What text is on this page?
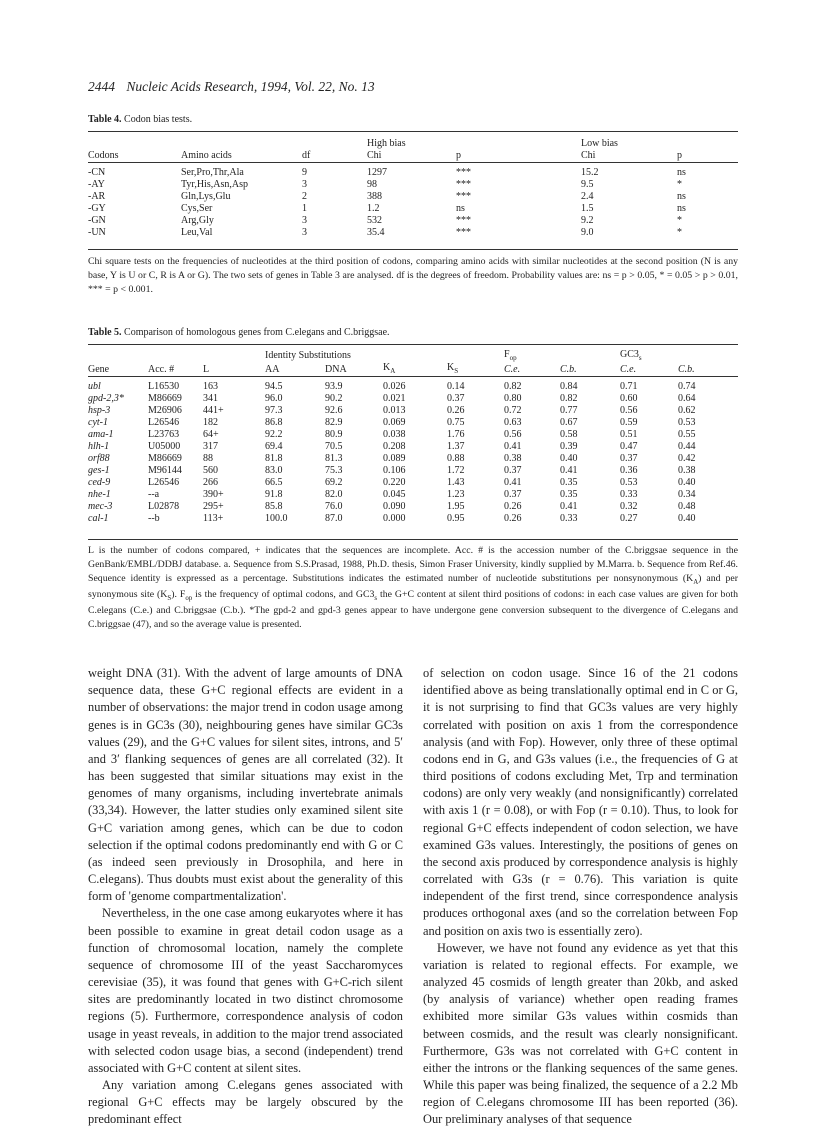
2444 Nucleic Acids Research, 1994, Vol. 22, No. 13
Table 4. Codon bias tests.
			High bias		Low bias	
Codons	Amino acids	df	Chi	p	Chi	p

-CN	Ser,Pro,Thr,Ala	9	1297	***	15.2	ns
-AY	Tyr,His,Asn,Asp	3	98	***	9.5	*
-AR	Gln,Lys,Glu	2	388	***	2.4	ns
-GY	Cys,Ser	1	1.2	ns	1.5	ns
-GN	Arg,Gly	3	532	***	9.2	*
-UN	Leu,Val	3	35.4	***	9.0	*
Chi square tests on the frequencies of nucleotides at the third position of codons, comparing amino acids with similar nucleotides at the second position (N is any base, Y is U or C, R is A or G). The two sets of genes in Table 3 are analysed. df is the degrees of freedom. Probability values are: ns = p > 0.05, * = 0.05 > p > 0.01, *** = p < 0.001.
Table 5. Comparison of homologous genes from C.elegans and C.briggsae.
			Identity Substitutions				$F_{op}$		$GC3_s$
Gene	Acc. #	L	AA	DNA	$K_A$	$K_S$	C.e.	C.b.	C.e.	C.b.

ubl	L16530	163	94.5	93.9	0.026	0.14	0.82	0.84	0.71	0.74
gpd-2,3*	M86669	341	96.0	90.2	0.021	0.37	0.80	0.82	0.60	0.64
hsp-3	M26906	441+	97.3	92.6	0.013	0.26	0.72	0.77	0.56	0.62
cyt-1	L26546	182	86.8	82.9	0.069	0.75	0.63	0.67	0.59	0.53
ama-1	L23763	64+	92.2	80.9	0.038	1.76	0.56	0.58	0.51	0.55
hlh-1	U05000	317	69.4	70.5	0.208	1.37	0.41	0.39	0.47	0.44
orf88	M86669	88	81.8	81.3	0.089	0.88	0.38	0.40	0.37	0.42
ges-1	M96144	560	83.0	75.3	0.106	1.72	0.37	0.41	0.36	0.38
ced-9	L26546	266	66.5	69.2	0.220	1.43	0.41	0.35	0.53	0.40
nhe-1	--a	390+	91.8	82.0	0.045	1.23	0.37	0.35	0.33	0.34
mec-3	L02878	295+	85.8	76.0	0.090	1.95	0.26	0.41	0.32	0.48
cal-1	--b	113+	100.0	87.0	0.000	0.95	0.26	0.33	0.27	0.40
L is the number of codons compared, + indicates that the sequences are incomplete. Acc. # is the accession number of the C.briggsae sequence in the GenBank/EMBL/DDBJ database. a. Sequence from S.S.Prasad, 1988, Ph.D. thesis, Simon Fraser University, kindly supplied by M.Marra. b. Sequence from Ref.46. Sequence identity is expressed as a percentage. Substitutions indicates the estimated number of nucleotide substitutions per nonsynonymous $(K_A)$ and per synonymous site $(K_S)$. $F_{op}$ is the frequency of optimal codons, and $GC3_s$ the G+C content at silent third positions of codons: in each case values are given for both C.elegans (C.e.) and C.briggsae (C.b.). *The gpd-2 and gpd-3 genes appear to have undergone gene conversion subsequent to the divergence of C.elegans and C.briggsae (47), and so the average value is presented.

weight DNA (31). With the advent of large amounts of DNA sequence data, these G+C regional effects are evident in a number of observations: the major trend in codon usage among genes is in GC3s (30), neighbouring genes have similar GC3s values (29), and the G+C values for silent sites, introns, and 5′ and 3′ flanking sequences of genes are all correlated (32). It has been suggested that similar situations may exist in the genomes of many organisms, including invertebrate animals (33,34). However, the latter studies only examined silent site G+C variation among genes, which can be due to codon selection if the optimal codons predominantly end with G or C (as indeed seen previously in Drosophila, and here in C.elegans). Thus doubts must exist about the generality of this form of 'genome compartmentalization'.

Nevertheless, in the one case among eukaryotes where it has been possible to examine in great detail codon usage as a function of chromosomal location, namely the complete sequence of chromosome III of the yeast Saccharomyces cerevisiae (35), it was found that genes with G+C-rich silent sites are predominantly located in two distinct chromosome regions (5). Furthermore, correspondence analysis of codon usage in yeast reveals, in addition to the major trend associated with selected codon usage bias, a second (independent) trend associated with G+C content at silent sites.

Any variation among C.elegans genes associated with regional G+C effects may be largely obscured by the predominant effect

of selection on codon usage. Since 16 of the 21 codons identified above as being translationally optimal end in C or G, it is not surprising to find that GC3s values are very highly correlated with position on axis 1 from the correspondence analysis (and with Fop). However, only three of these optimal codons end in G, and G3s values (i.e., the frequencies of G at third positions of codons excluding Met, Trp and termination codons) are only very weakly (and nonsignificantly) correlated with axis 1 (r = 0.08), or with Fop (r = 0.10). Thus, to look for regional G+C effects independent of codon selection, we have examined G3s values. Interestingly, the positions of genes on the second axis produced by correspondence analysis is highly correlated with G3s (r = 0.76). This variation is quite independent of the first trend, since correspondence analysis produces orthogonal axes (and so the correlation between Fop and position on axis two is essentially zero).

However, we have not found any evidence as yet that this variation is related to regional effects. For example, we analyzed 45 cosmids of length greater than 20kb, and asked (by analysis of variance) whether open reading frames exhibited more similar G3s values within cosmids than between cosmids, and the result was clearly nonsignificant. Furthermore, G3s was not correlated with G+C content in either the introns or the flanking sequences of the same genes. While this paper was being finalized, the sequence of a 2.2 Mb region of C.elegans chromosome III has been reported (36). Our preliminary analyses of that sequence
